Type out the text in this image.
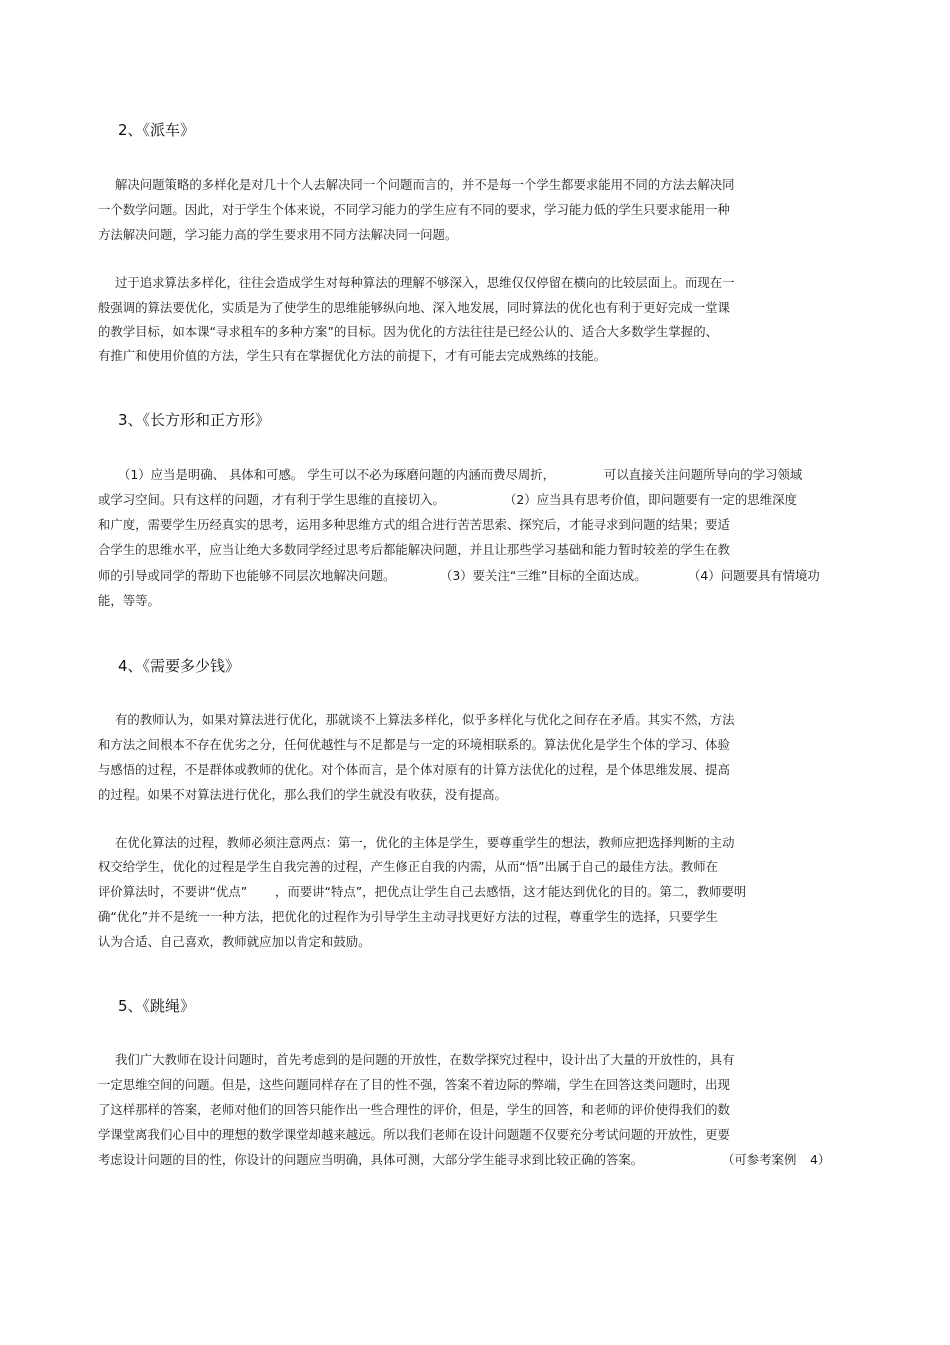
2、《派车》
解决问题策略的多样化是对几十个人去解决同一个问题而言的，并不是每一个学生都要求能用不同的方法去解决同
一个数学问题。因此，对于学生个体来说，不同学习能力的学生应有不同的要求，学习能力低的学生只要求能用一种
方法解决问题，学习能力高的学生要求用不同方法解决同一问题。
过于追求算法多样化，往往会造成学生对每种算法的理解不够深入，思维仅仅停留在横向的比较层面上。而现在一
般强调的算法要优化，实质是为了使学生的思维能够纵向地、深入地发展，同时算法的优化也有利于更好完成一堂课
的教学目标，如本课“寻求租车的多种方案”的目标。因为优化的方法往往是已经公认的、适合大多数学生掌握的、
有推广和使用价值的方法，学生只有在掌握优化方法的前提下，才有可能去完成熟练的技能。
3、《长方形和正方形》
（1）应当是明确、 具体和可感。 学生可以不必为琢磨问题的内涵而费尽周折，	可以直接关注问题所导向的学习领域
或学习空间。只有这样的问题，才有利于学生思维的直接切入。	（2）应当具有思考价值，即问题要有一定的思维深度
和广度，需要学生历经真实的思考，运用多种思维方式的组合进行苦苦思索、探究后，才能寻求到问题的结果；要适
合学生的思维水平，应当让绝大多数同学经过思考后都能解决问题，并且让那些学习基础和能力暂时较差的学生在教
师的引导或同学的帮助下也能够不同层次地解决问题。	（3）要关注“三维”目标的全面达成。	（4）问题要具有情境功
能，等等。
4、《需要多少钱》
有的教师认为，如果对算法进行优化，那就谈不上算法多样化，似乎多样化与优化之间存在矛盾。其实不然，方法
和方法之间根本不存在优劣之分，任何优越性与不足都是与一定的环境相联系的。算法优化是学生个体的学习、体验
与感悟的过程，不是群体或教师的优化。对个体而言，是个体对原有的计算方法优化的过程，是个体思维发展、提高
的过程。如果不对算法进行优化，那么我们的学生就没有收获，没有提高。
在优化算法的过程，教师必须注意两点：第一，优化的主体是学生，要尊重学生的想法，教师应把选择判断的主动
权交给学生，优化的过程是学生自我完善的过程，产生修正自我的内需，从而“悟”出属于自己的最佳方法。教师在
评价算法时，不要讲“优点” ，而要讲“特点”，把优点让学生自己去感悟，这才能达到优化的目的。第二，教师要明
确“优化”并不是统一一种方法，把优化的过程作为引导学生主动寻找更好方法的过程，尊重学生的选择，只要学生
认为合适、自己喜欢，教师就应加以肯定和鼓励。
5、《跳绳》
我们广大教师在设计问题时，首先考虑到的是问题的开放性，在数学探究过程中，设计出了大量的开放性的，具有
一定思维空间的问题。但是，这些问题同样存在了目的性不强，答案不着边际的弊端，学生在回答这类问题时，出现
了这样那样的答案，老师对他们的回答只能作出一些合理性的评价，但是，学生的回答，和老师的评价使得我们的数
学课堂离我们心目中的理想的数学课堂却越来越远。所以我们老师在设计问题题不仅要充分考试问题的开放性，更要
考虑设计问题的目的性，你设计的问题应当明确，具体可测，大部分学生能寻求到比较正确的答案。	（可参考案例 4）
